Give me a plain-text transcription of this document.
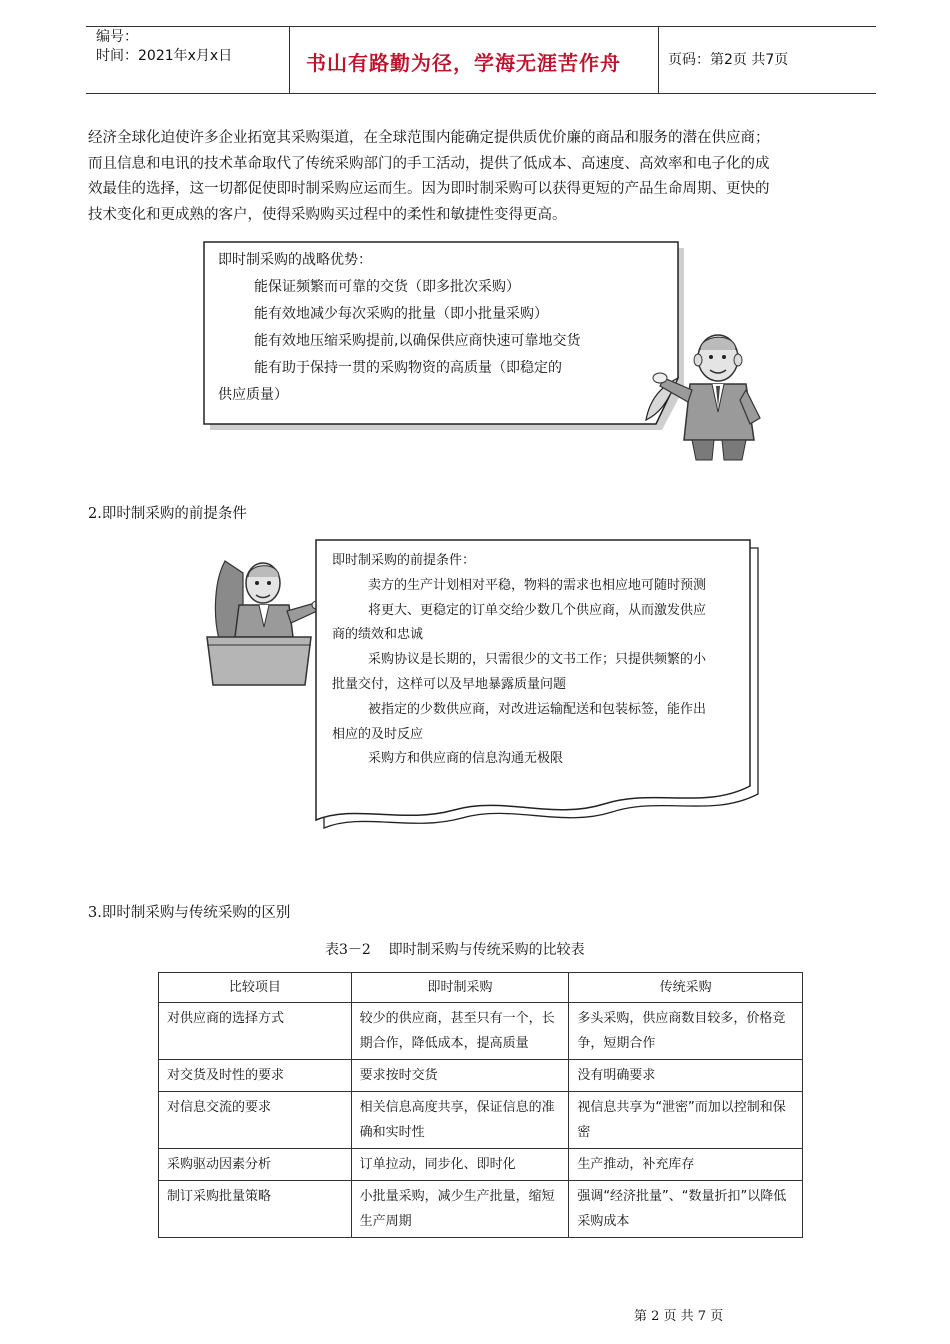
编号：
时间：2021年x月x日	书山有路勤为径，学海无涯苦作舟	页码：第2页 共7页

经济全球化迫使许多企业拓宽其采购渠道，在全球范围内能确定提供质优价廉的商品和服务的潜在供应商；

而且信息和电讯的技术革命取代了传统采购部门的手工活动，提供了低成本、高速度、高效率和电子化的成

效最佳的选择，这一切都促使即时制采购应运而生。因为即时制采购可以获得更短的产品生命周期、更快的

技术变化和更成熟的客户，使得采购购买过程中的柔性和敏捷性变得更高。

即时制采购的战略优势：
能保证频繁而可靠的交货（即多批次采购）
能有效地减少每次采购的批量（即小批量采购）
能有效地压缩采购提前,以确保供应商快速可靠地交货
能有助于保持一贯的采购物资的高质量（即稳定的
供应质量）
2.即时制采购的前提条件
即时制采购的前提条件：
卖方的生产计划相对平稳，物料的需求也相应地可随时预测
将更大、更稳定的订单交给少数几个供应商，从而激发供应
商的绩效和忠诚
采购协议是长期的，只需很少的文书工作；只提供频繁的小
批量交付，这样可以及早地暴露质量问题
被指定的少数供应商，对改进运输配送和包装标签，能作出
相应的及时反应
采购方和供应商的信息沟通无极限
3.即时制采购与传统采购的区别
表3－2    即时制采购与传统采购的比较表
比较项目	即时制采购	传统采购
对供应商的选择方式	较少的供应商，甚至只有一个，长期合作，降低成本，提高质量	多头采购，供应商数目较多，价格竞争，短期合作
对交货及时性的要求	要求按时交货	没有明确要求
对信息交流的要求	相关信息高度共享，保证信息的准确和实时性	视信息共享为“泄密”而加以控制和保密
采购驱动因素分析	订单拉动，同步化、即时化	生产推动，补充库存
制订采购批量策略	小批量采购，减少生产批量，缩短生产周期	强调“经济批量”、“数量折扣”以降低采购成本
第 2 页 共 7 页
